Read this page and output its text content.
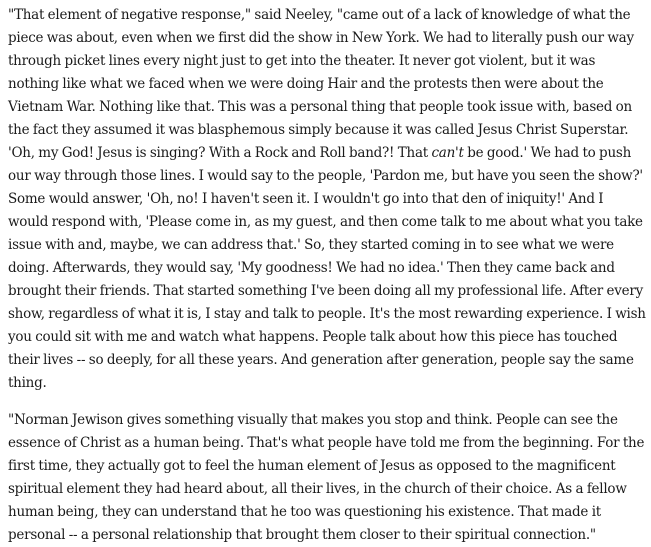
"That element of negative response," said Neeley, "came out of a lack of knowledge of what the piece was about, even when we first did the show in New York. We had to literally push our way through picket lines every night just to get into the theater. It never got violent, but it was nothing like what we faced when we were doing Hair and the protests then were about the Vietnam War. Nothing like that. This was a personal thing that people took issue with, based on the fact they assumed it was blasphemous simply because it was called Jesus Christ Superstar. 'Oh, my God! Jesus is singing? With a Rock and Roll band?! That can't be good.' We had to push our way through those lines. I would say to the people, 'Pardon me, but have you seen the show?' Some would answer, 'Oh, no! I haven't seen it. I wouldn't go into that den of iniquity!' And I would respond with, 'Please come in, as my guest, and then come talk to me about what you take issue with and, maybe, we can address that.' So, they started coming in to see what we were doing. Afterwards, they would say, 'My goodness! We had no idea.' Then they came back and brought their friends. That started something I've been doing all my professional life. After every show, regardless of what it is, I stay and talk to people. It's the most rewarding experience. I wish you could sit with me and watch what happens. People talk about how this piece has touched their lives -- so deeply, for all these years. And generation after generation, people say the same thing.

"Norman Jewison gives something visually that makes you stop and think. People can see the essence of Christ as a human being. That's what people have told me from the beginning. For the first time, they actually got to feel the human element of Jesus as opposed to the magnificent spiritual element they had heard about, all their lives, in the church of their choice. As a fellow human being, they can understand that he too was questioning his existence. That made it personal -- a personal relationship that brought them closer to their spiritual connection."
